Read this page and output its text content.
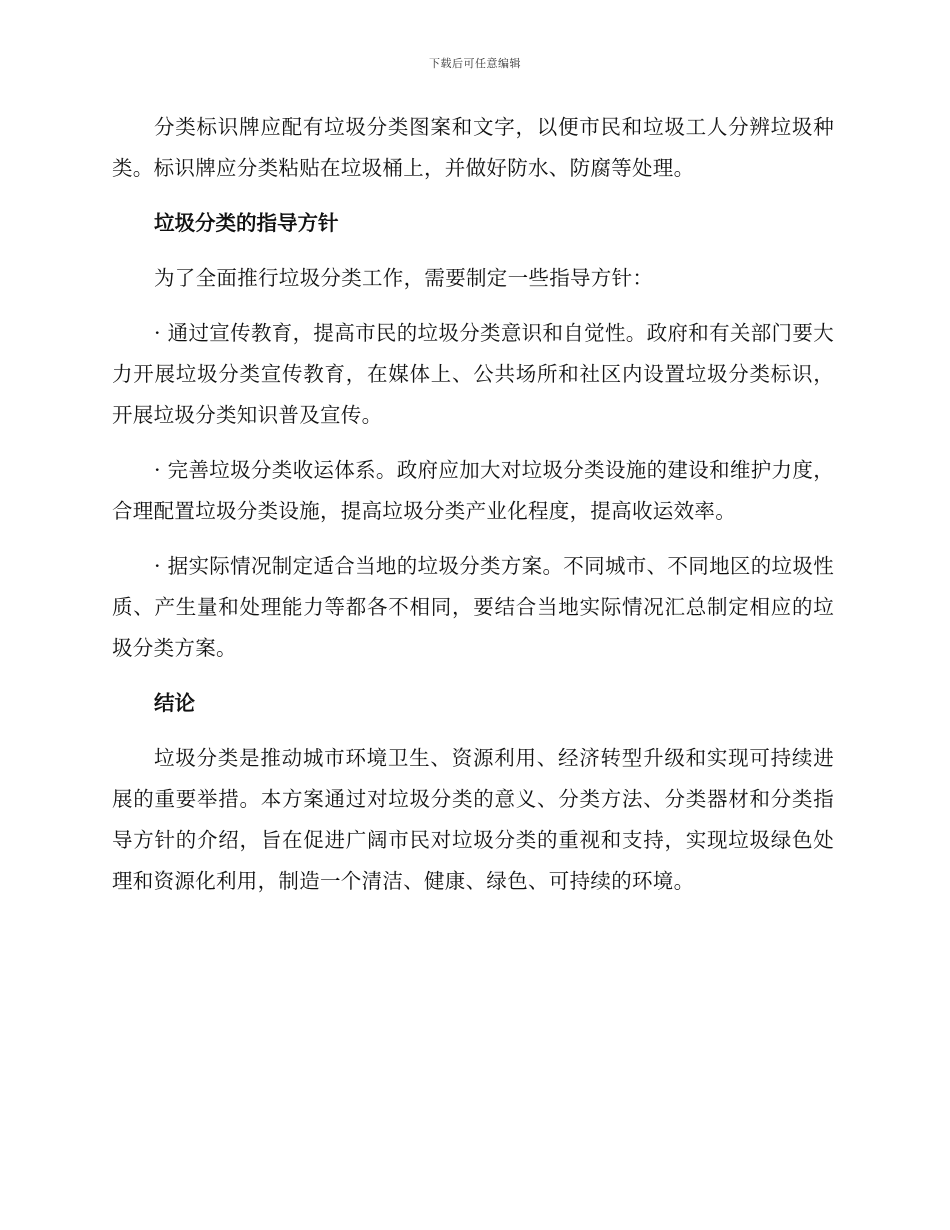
下载后可任意编辑

分类标识牌应配有垃圾分类图案和文字，以便市民和垃圾工人分辨垃圾种类。标识牌应分类粘贴在垃圾桶上，并做好防水、防腐等处理。

垃圾分类的指导方针

为了全面推行垃圾分类工作，需要制定一些指导方针：

· 通过宣传教育，提高市民的垃圾分类意识和自觉性。政府和有关部门要大力开展垃圾分类宣传教育，在媒体上、公共场所和社区内设置垃圾分类标识，开展垃圾分类知识普及宣传。

· 完善垃圾分类收运体系。政府应加大对垃圾分类设施的建设和维护力度，合理配置垃圾分类设施，提高垃圾分类产业化程度，提高收运效率。

· 据实际情况制定适合当地的垃圾分类方案。不同城市、不同地区的垃圾性质、产生量和处理能力等都各不相同，要结合当地实际情况汇总制定相应的垃圾分类方案。

结论

垃圾分类是推动城市环境卫生、资源利用、经济转型升级和实现可持续进展的重要举措。本方案通过对垃圾分类的意义、分类方法、分类器材和分类指导方针的介绍，旨在促进广阔市民对垃圾分类的重视和支持，实现垃圾绿色处理和资源化利用，制造一个清洁、健康、绿色、可持续的环境。
